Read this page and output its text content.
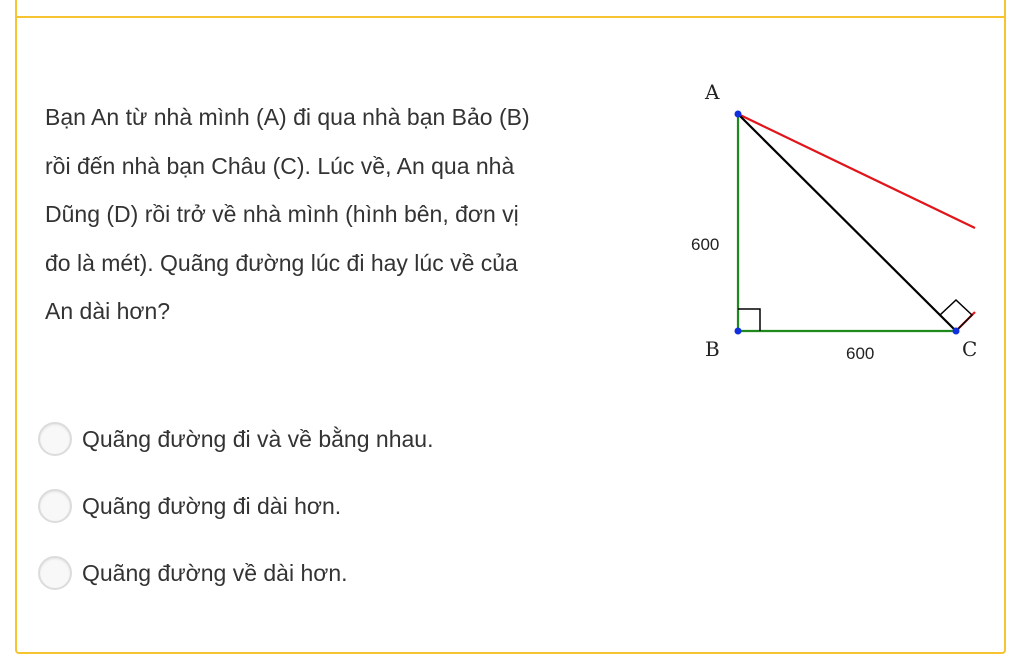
Bạn An từ nhà mình (A) đi qua nhà bạn Bảo (B)

rồi đến nhà bạn Châu (C). Lúc về, An qua nhà

Dũng (D) rồi trở về nhà mình (hình bên, đơn vị

đo là mét). Quãng đường lúc đi hay lúc về của

An dài hơn?

A
B	C
600
600
Quãng đường đi và về bằng nhau.
Quãng đường đi dài hơn.
Quãng đường về dài hơn.
